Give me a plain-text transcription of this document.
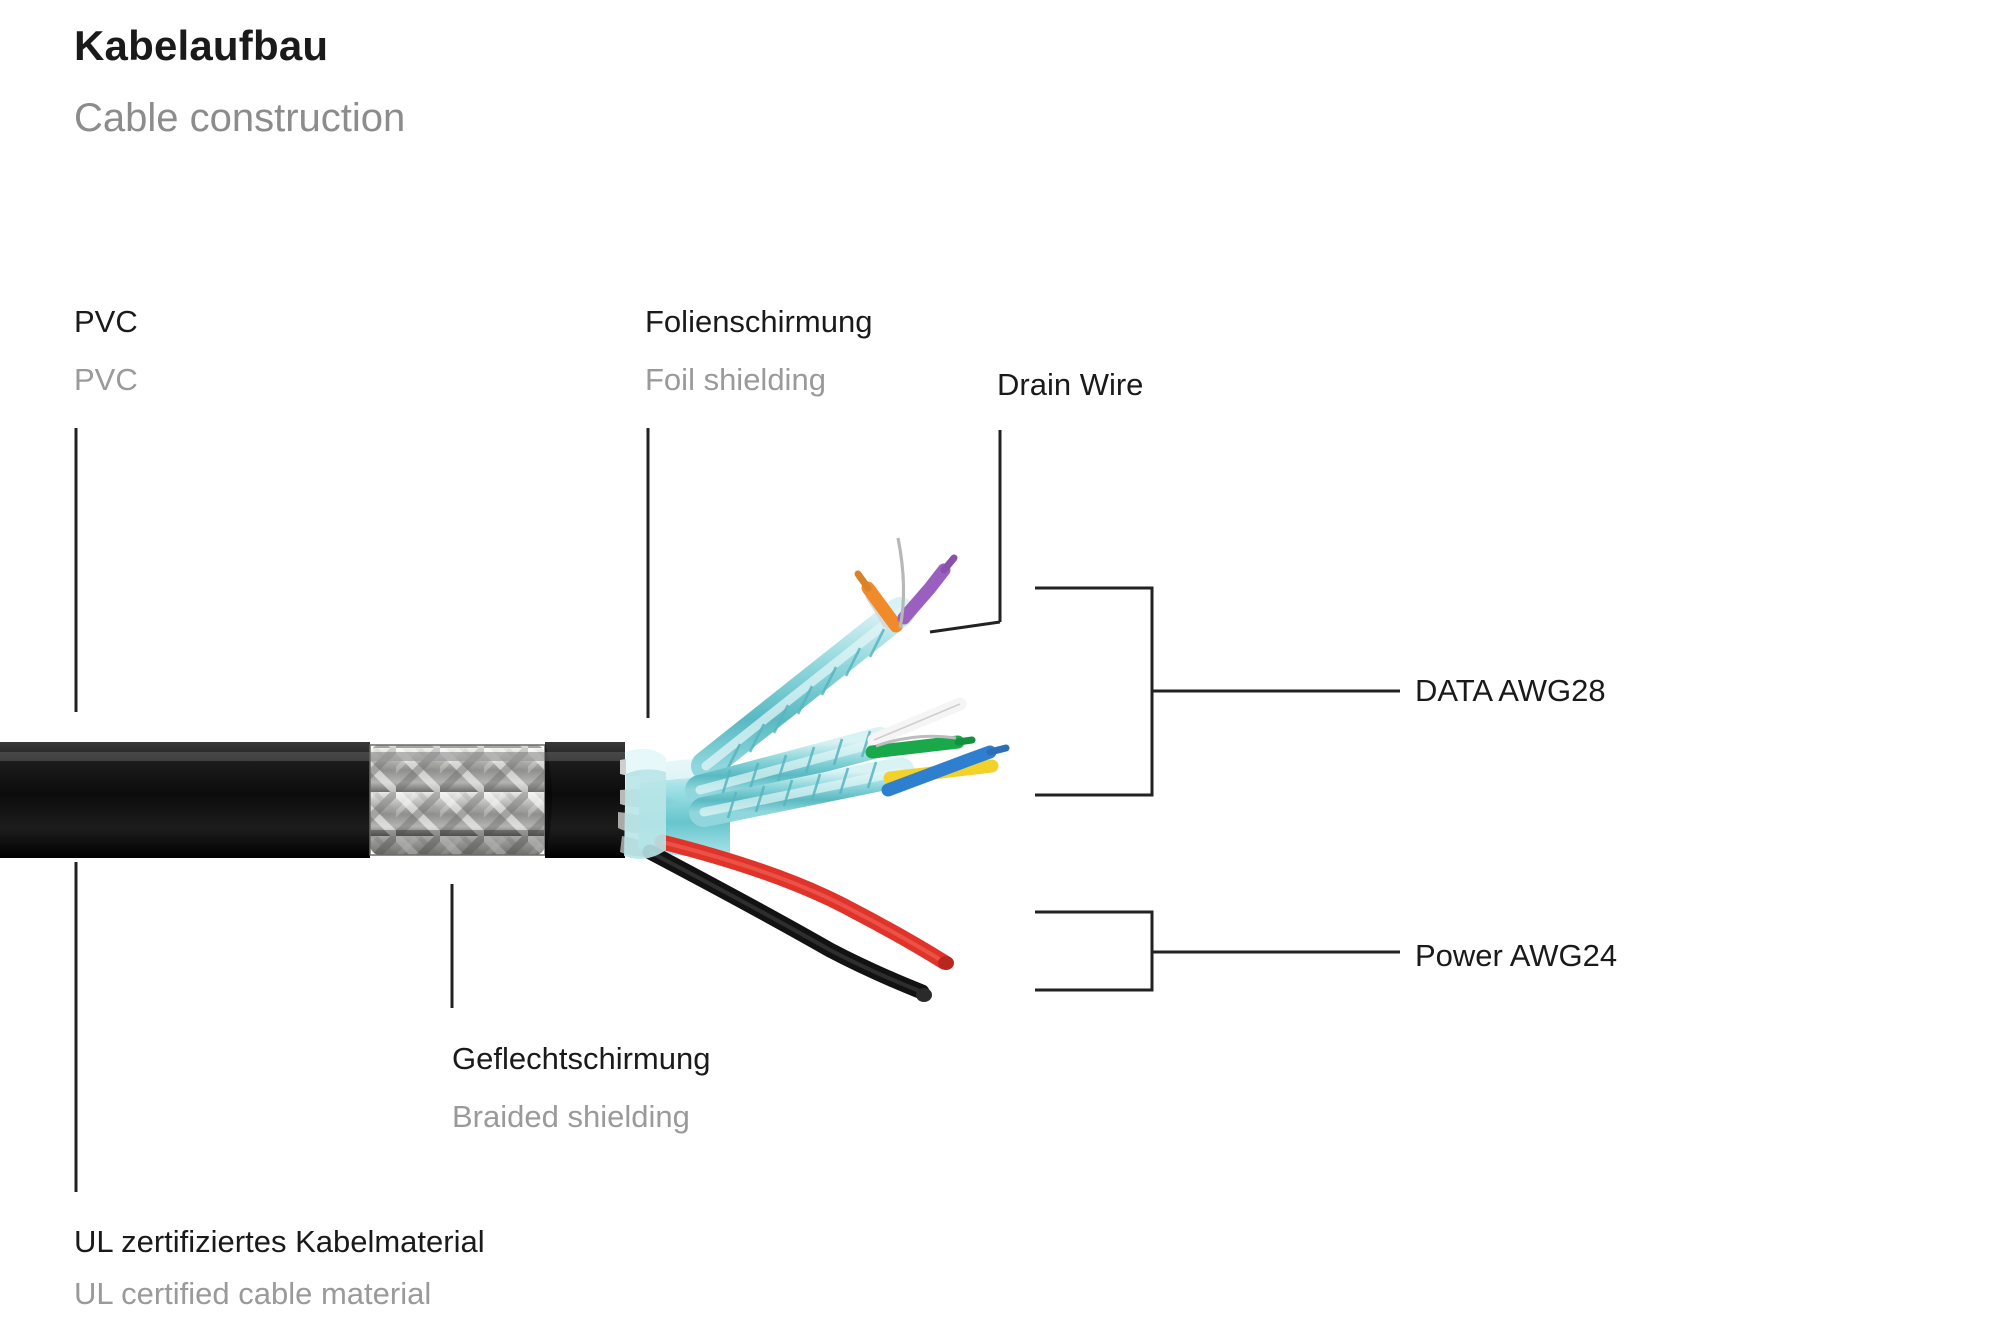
Kabelaufbau
Cable construction
PVC
PVC
Folienschirmung
Foil shielding	Drain Wire
DATA AWG28
Power AWG24
Geflechtschirmung
Braided shielding
UL zertifiziertes Kabelmaterial
UL certified cable material
